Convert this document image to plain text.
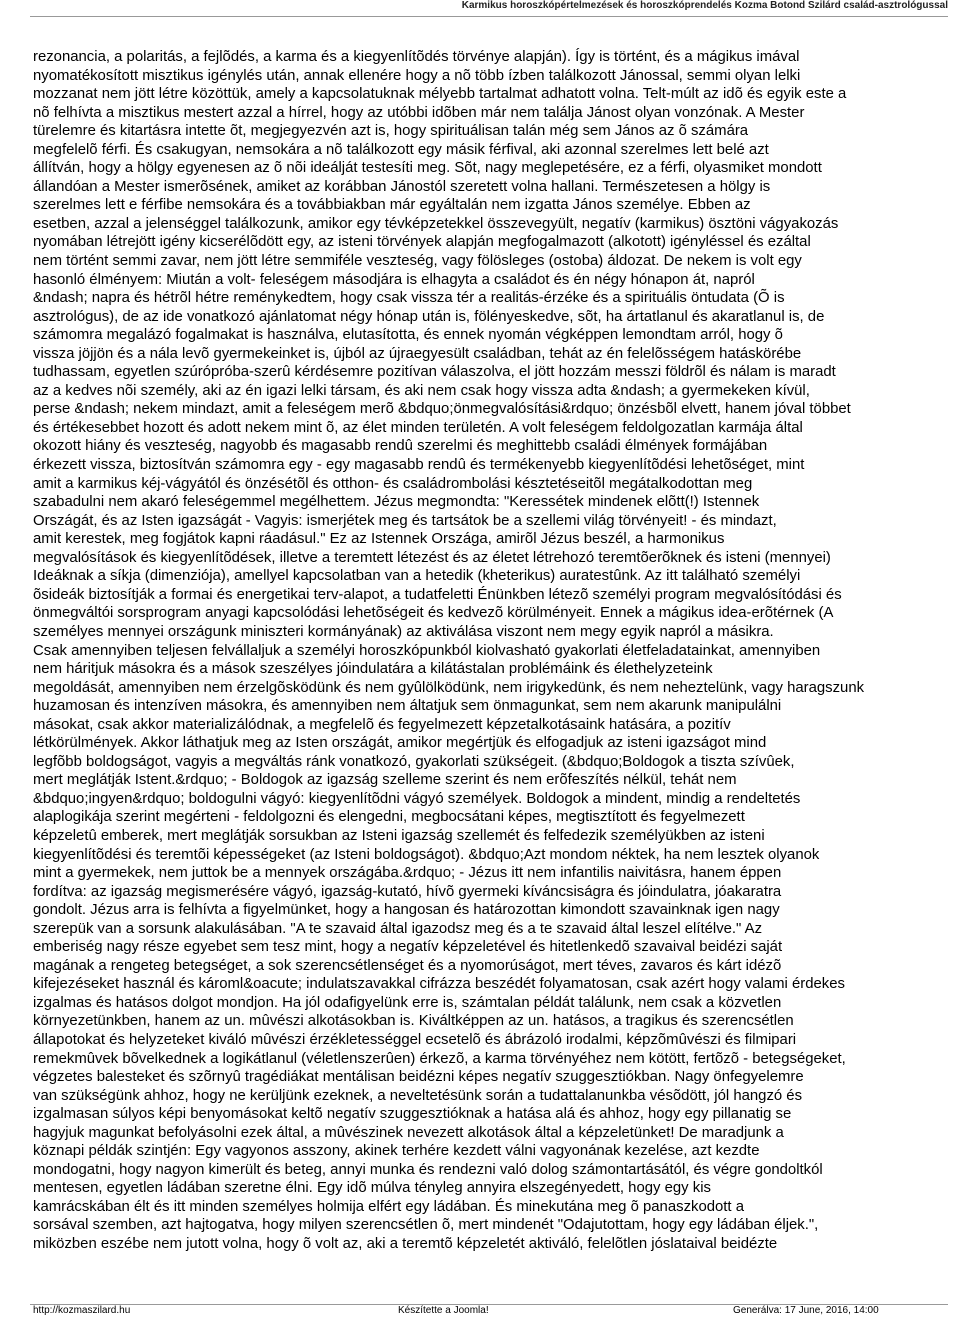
Karmikus horoszkópértelmezések és horoszkóprendelés Kozma Botond Szilárd család-asztrológussal
rezonancia, a polaritás, a fejlõdés, a karma és a kiegyenlítõdés törvénye alapján). Így is történt, és a mágikus imával
nyomatékosított misztikus igénylés után, annak ellenére hogy a nõ több ízben találkozott Jánossal, semmi olyan lelki
mozzanat nem jött létre közöttük, amely a kapcsolatuknak mélyebb tartalmat adhatott volna. Telt-múlt az idõ és egyik este a
nõ felhívta a misztikus mestert azzal a hírrel, hogy az utóbbi idõben már nem találja Jánost olyan vonzónak. A Mester
türelemre és kitartásra intette õt, megjegyezvén azt is, hogy spirituálisan talán még sem János az õ számára
megfelelõ férfi. És csakugyan, nemsokára a nõ találkozott egy másik férfival, aki azonnal szerelmes lett belé azt
állítván, hogy a hölgy egyenesen az õ nõi ideálját testesíti meg. Sõt, nagy meglepetésére, ez a férfi, olyasmiket mondott
állandóan a Mester ismerõsének, amiket az korábban Jánostól szeretett volna hallani. Természetesen a hölgy is
szerelmes lett e férfibe nemsokára és a továbbiakban már egyáltalán nem izgatta János személye. Ebben az
esetben, azzal a jelenséggel találkozunk, amikor egy tévképzetekkel összevegyült, negatív (karmikus) ösztöni vágyakozás
nyomában létrejött igény kicserélõdött egy, az isteni törvények alapján megfogalmazott (alkotott) igényléssel és ezáltal
nem történt semmi zavar, nem jött létre semmiféle veszteség, vagy fölösleges (ostoba) áldozat. De nekem is volt egy
hasonló élményem: Miután a volt- feleségem másodjára is elhagyta a családot és én négy hónapon át, napról
&ndash; napra és hétrõl hétre reménykedtem, hogy csak vissza tér a realitás-érzéke és a spirituális öntudata (Õ is
asztrológus), de az ide vonatkozó ajánlatomat négy hónap után is, fölényeskedve, sõt, ha ártatlanul és akaratlanul is, de
számomra megalázó fogalmakat is használva, elutasította, és ennek nyomán végképpen lemondtam arról, hogy õ
vissza jöjjön és a nála levõ gyermekeinket is, újból az újraegyesült családban, tehát az én felelõsségem hatáskörébe
tudhassam, egyetlen szúrópróba-szerû kérdésemre pozitívan válaszolva, el jött hozzám messzi földrõl és nálam is maradt
az a kedves nõi személy, aki az én igazi lelki társam, és aki nem csak hogy vissza adta &ndash; a gyermekeken kívül,
perse &ndash; nekem mindazt, amit a feleségem merõ &bdquo;önmegvalósítási&rdquo; önzésbõl elvett, hanem jóval többet
és értékesebbet hozott és adott nekem mint õ, az élet minden területén. A volt feleségem feldolgozatlan karmája által
okozott hiány és veszteség, nagyobb és magasabb rendû szerelmi és meghittebb családi élmények formájában
érkezett vissza, biztosítván számomra egy - egy magasabb rendû és termékenyebb kiegyenlítõdési lehetõséget, mint
amit a karmikus kéj-vágyától és önzésétõl és otthon- és családrombolási késztetéseitõl megátalkodottan meg
szabadulni nem akaró feleségemmel megélhettem. Jézus megmondta: "Keressétek mindenek elõtt(!) Istennek
Országát, és az Isten igazságát - Vagyis: ismerjétek meg és tartsátok be a szellemi világ törvényeit! - és mindazt,
amit kerestek, meg fogjátok kapni ráadásul." Ez az Istennek Országa, amirõl Jézus beszél, a harmonikus
megvalósítások és kiegyenlítõdések, illetve a teremtett létezést és az életet létrehozó teremtõerõknek és isteni (mennyei)
Ideáknak a síkja (dimenziója), amellyel kapcsolatban van a hetedik (kheterikus) auratestûnk. Az itt található személyi
õsideák biztosítják a formai és energetikai terv-alapot, a tudatfeletti Énünkben létezõ személyi program megvalósítódási és
önmegváltói sorsprogram anyagi kapcsolódási lehetõségeit és kedvezõ körülményeit. Ennek a mágikus idea-erõtérnek (A
személyes mennyei országunk miniszteri kormányának) az aktiválása viszont nem megy egyik napról a másikra.
Csak amennyiben teljesen felvállaljuk a személyi horoszkópunkból kiolvasható gyakorlati életfeladatainkat, amennyiben
nem háritjuk másokra és a mások szeszélyes jóindulatára a kilátástalan problémáink és élethelyzeteink
megoldását, amennyiben nem érzelgõsködünk és nem gyûlölködünk, nem irigykedünk, és nem neheztelünk, vagy haragszunk
huzamosan és intenzíven másokra, és amennyiben nem áltatjuk sem önmagunkat, sem nem akarunk manipulálni
másokat, csak akkor materializálódnak, a megfelelõ és fegyelmezett képzetalkotásaink hatására, a pozitív
létkörülmények. Akkor láthatjuk meg az Isten országát, amikor megértjük és elfogadjuk az isteni igazságot mind
legfõbb boldogságot, vagyis a megváltás ránk vonatkozó, gyakorlati szükségeit. (&bdquo;Boldogok a tiszta szívûek,
mert meglátják Istent.&rdquo; - Boldogok az igazság szelleme szerint és nem erõfeszítés nélkül, tehát nem
&bdquo;ingyen&rdquo; boldogulni vágyó: kiegyenlítõdni vágyó személyek. Boldogok a mindent, mindig a rendeltetés
alaplogikája szerint megérteni - feldolgozni és elengedni, megbocsátani képes, megtisztított és fegyelmezett
képzeletû emberek, mert meglátják sorsukban az Isteni igazság szellemét és felfedezik személyükben az isteni
kiegyenlítõdési és teremtõi képességeket (az Isteni boldogságot). &bdquo;Azt mondom néktek, ha nem lesztek olyanok
mint a gyermekek, nem juttok be a mennyek országába.&rdquo; - Jézus itt nem infantilis naivitásra, hanem éppen
fordítva: az igazság megismerésére vágyó, igazság-kutató, hívõ gyermeki kíváncsiságra és jóindulatra, jóakaratra
gondolt. Jézus arra is felhívta a figyelmünket, hogy a hangosan és határozottan kimondott szavainknak igen nagy
szerepük van a sorsunk alakulásában. "A te szavaid által igazodsz meg és a te szavaid által leszel elítélve." Az
emberiség nagy része egyebet sem tesz mint, hogy a negatív képzeletével és hitetlenkedõ szavaival beidézi saját
magának a rengeteg betegséget, a sok szerencsétlenséget és a nyomorúságot, mert téves, zavaros és kárt idézõ
kifejezéseket használ és károml&oacute; indulatszavakkal cifrázza beszédét folyamatosan, csak azért hogy valami érdekes
izgalmas és hatásos dolgot mondjon. Ha jól odafigyelünk erre is, számtalan példát találunk, nem csak a közvetlen
környezetünkben, hanem az un. mûvészi alkotásokban is. Kiváltképpen az un. hatásos, a tragikus és szerencsétlen
állapotokat és helyzeteket kiváló mûvészi érzékletességgel ecsetelõ és ábrázoló irodalmi, képzõmûvészi és filmipari
remekmûvek bõvelkednek a logikátlanul (véletlenszerûen) érkezõ, a karma törvényéhez nem kötött, fertõzõ - betegségeket,
végzetes balesteket és szõrnyû tragédiákat mentálisan beidézni képes negatív szuggesztiókban. Nagy önfegyelemre
van szükségünk ahhoz, hogy ne kerüljünk ezeknek, a neveltetésünk során a tudattalanunkba vésõdött, jól hangzó és
izgalmasan súlyos képi benyomásokat keltõ negatív szuggesztióknak a hatása alá és ahhoz, hogy egy pillanatig se
hagyjuk magunkat befolyásolni ezek által, a mûvészinek nevezett alkotások által a képzeletünket! De maradjunk a
köznapi példák szintjén: Egy vagyonos asszony, akinek terhére kezdett válni vagyonának kezelése, azt kezdte
mondogatni, hogy nagyon kimerült és beteg, annyi munka és rendezni való dolog számontartásától, és végre gondoltkól
mentesen, egyetlen ládában szeretne élni. Egy idõ múlva tényleg annyira elszegényedett, hogy egy kis
kamrácskában élt és itt minden személyes holmija elfért egy ládában. És minekutána meg õ panaszkodott a
sorsával szemben, azt hajtogatva, hogy milyen szerencsétlen õ, mert mindenét "Odajutottam, hogy egy ládában éljek.",
miközben eszébe nem jutott volna, hogy õ volt az, aki a teremtõ képzeletét aktiváló, felelõtlen jóslataival beidézte
http://kozmaszilard.hu	Készítette a Joomla!	Generálva: 17 June, 2016, 14:00
